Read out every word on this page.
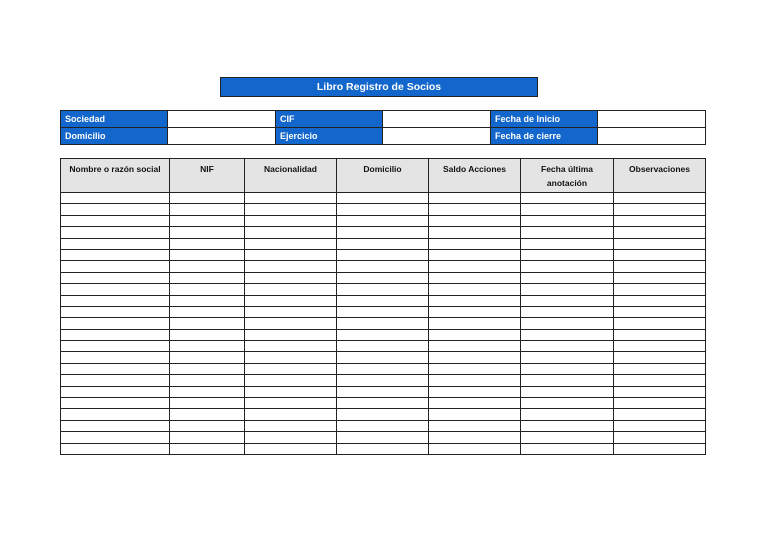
Libro Registro de Socios
Sociedad		CIF		Fecha de Inicio	
Domicilio		Ejercicio		Fecha de cierre	
Nombre o razón social	NIF	Nacionalidad	Domicilio	Saldo Acciones	Fecha última anotación	Observaciones
